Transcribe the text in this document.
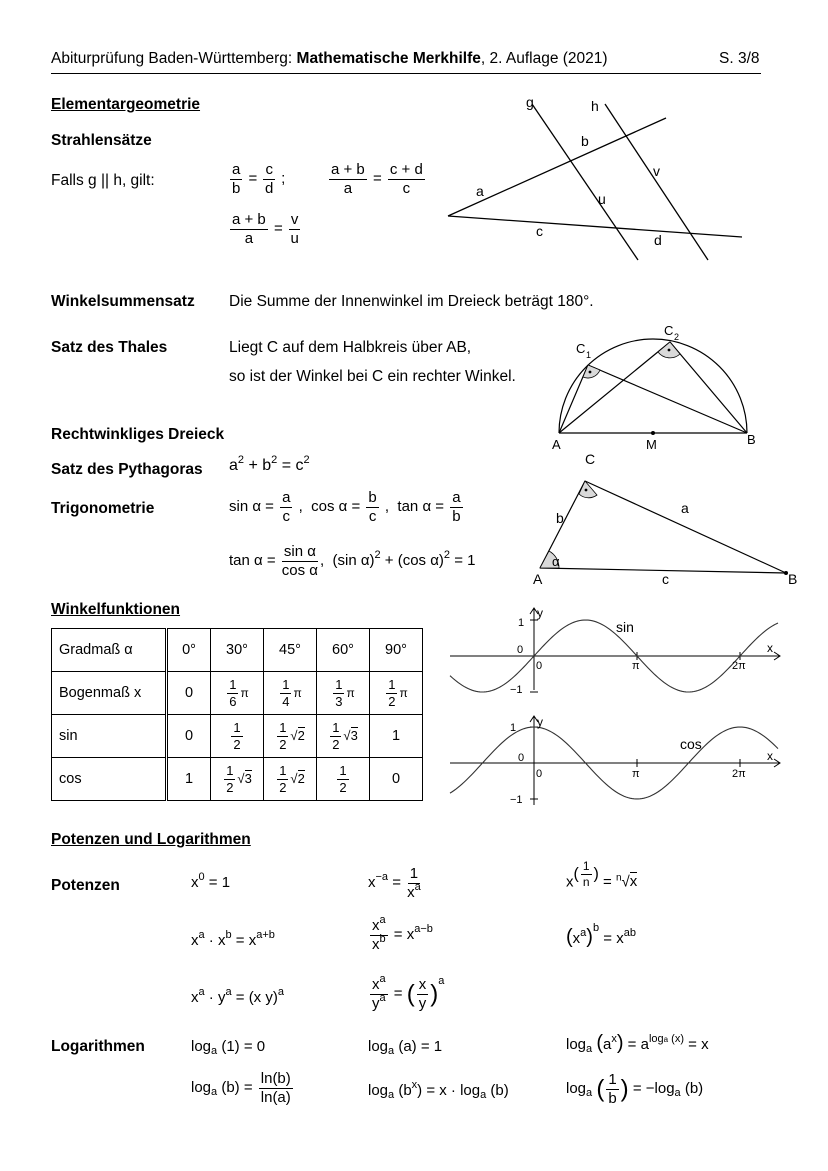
Abiturprüfung Baden-Württemberg: Mathematische Merkhilfe, 2. Auflage (2021)	S. 3/8
Elementargeometrie
Strahlensätze
Falls g || h, gilt:	$\frac{a}{b} = \frac{c}{d}$ ;	$\frac{a + b}{a} = \frac{c + d}{c}$
$\frac{a + b}{a} = \frac{v}{u}$
g	h
a
b
c
d
u
v
Winkelsummensatz Die Summe der Innenwinkel im Dreieck beträgt 180°.
Satz des Thales	Liegt C auf dem Halbkreis über AB,
so ist der Winkel bei C ein rechter Winkel.
A	B
M
C 1
C 2
Rechtwinkliges Dreieck
Satz des Pythagoras $a^2 + b^2 = c^2$
Trigonometrie	$\sin \alpha = \frac{a}{c}$ ,  $\cos \alpha = \frac{b}{c}$ ,  $\tan \alpha = \frac{a}{b}$
$\tan \alpha = \frac{\text{sin α}}{\text{cos α}}$ ,  (sin α)$^2$ + (cos α)$^2$ = 1
A	B
C
a
b
c
α
Winkelfunktionen
Gradmaß α	0°	30°	45°	60°	90°
Bogenmaß x	0	$\frac{1}{6}$ π	$\frac{1}{4}$ π	$\frac{1}{3}$ π	$\frac{1}{2}$ π
sin	0	$\frac{1}{2}$	$\frac{1}{2} √2$	$\frac{1}{2} √3$	1
cos	1	$\frac{1}{2} √3$	$\frac{1}{2} √2$	$\frac{1}{2}$	0
sin
x
y
1
−1
0
0	π	2π
cos
x
y
1
0
0
−1
π	2π
Potenzen und Logarithmen
Potenzen	$x^0 = 1$	$x^{-a} = \frac{1}{x^a}$	$x( \frac{1}{n}$ ) = $^n$√x
$x^a \cdot x^b = x^{a+b}$	$\frac{x^a}{x^b} = x^{a-b}$	$(x^a)^b = x^{ab}$
$x^a \cdot y^a = (x$ y)$^a$	$\frac{x^a}{y^a}$ = ( $\frac{x}{y} )^a$
Logarithmen	$\log_a (1) = 0$	$\log_a (a) = 1$	$\log_a (a^x) = a^{loga (x)} = x$
$\log_a (b) = \frac{\ln(b)}{\ln(a)}$	$\log_a (b^x) = x \cdot \log_a (b)$	$\log_a$ ( $\frac{1}{b}$ ) = $-\log_a$ (b)
